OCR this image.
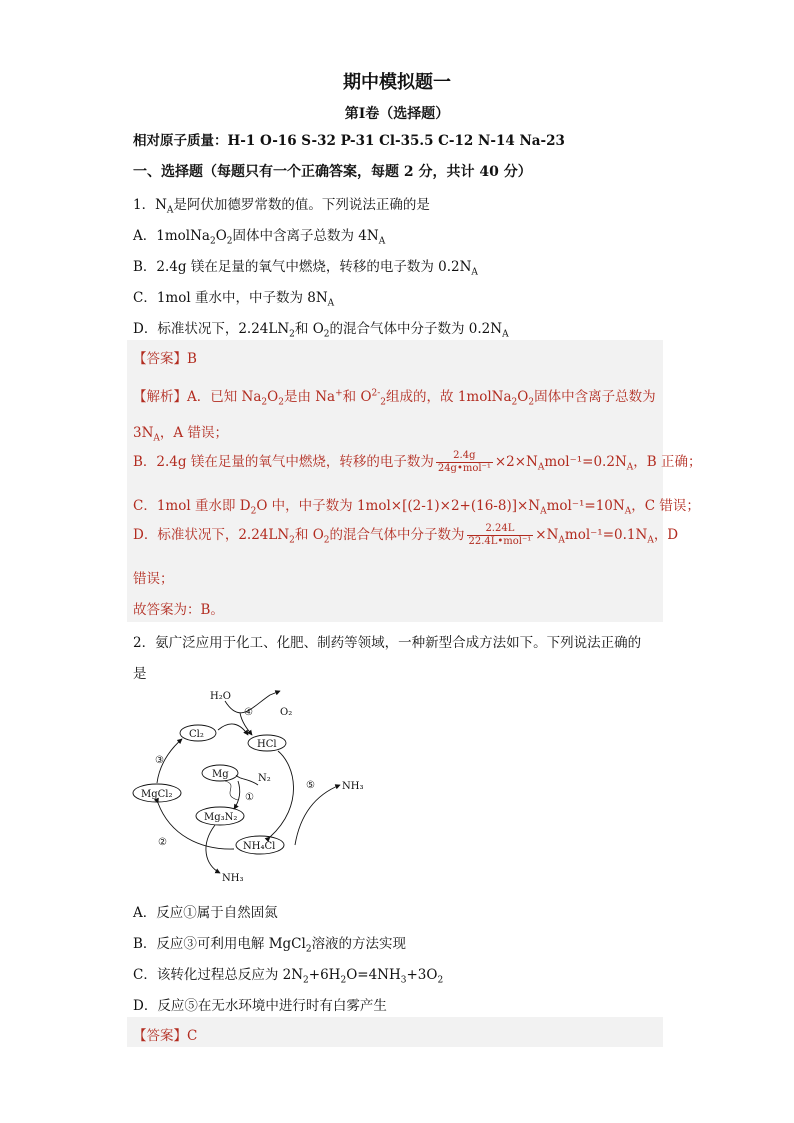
期中模拟题一
第Ⅰ卷（选择题）
相对原子质量：H-1 O-16 S-32 P-31 Cl-35.5 C-12 N-14 Na-23
一、选择题（每题只有一个正确答案，每题 2 分，共计 40 分）
1．$N_A$是阿伏加德罗常数的值。下列说法正确的是
A．$1molNa_2O_2$固体中含离子总数为 $4N_A$
B．2.4g 镁在足量的氧气中燃烧，转移的电子数为 $0.2N_A$
C．1mol 重水中，中子数为 $8N_A$
D．标准状况下，$2.24LN_2$和 $O_2$的混合气体中分子数为 $0.2N_A$
【答案】B
【解析】A．已知 $Na_2O_2$是由 Na+和 $O^{2-}_2$组成的，故 $1molNa_2O_2$固体中含离子总数为
$3N_A$，A 错误；
B．2.4g 镁在足量的氧气中燃烧，转移的电子数为 $\frac{2.4g}{\text{24g•mol⁻¹}} \times 2\times N_Amol^{-1}=0.2N_A$，B 正确；
C．1mol 重水即 $D_2O$ 中，中子数为 $1mol\times[(2-1)\times 2+(16-8)]\times N_Amol^{-1}=10N_A$，C 错误；
D．标准状况下，$2.24LN_2$和 $O_2$的混合气体中分子数为 $\frac{2.24L}{\text{22.4L•mol⁻¹}} \times N_Amol^{-1}=0.1N_A$，D
错误；
故答案为：B。
2．氨广泛应用于化工、化肥、制药等领域，一种新型合成方法如下。下列说法正确的
是
H₂O
O₂
Cl₂
HCl
Mg	N₂
MgCl₂
Mg₃N₂
NH₄Cl
NH₃
NH₃
①
②
③
④
⑤
A．反应①属于自然固氮
B．反应③可利用电解 MgCl$_2$溶液的方法实现
C．该转化过程总反应为 $2N_2+6H_2O=4NH_3+3O_2$
D．反应⑤在无水环境中进行时有白雾产生
【答案】C
